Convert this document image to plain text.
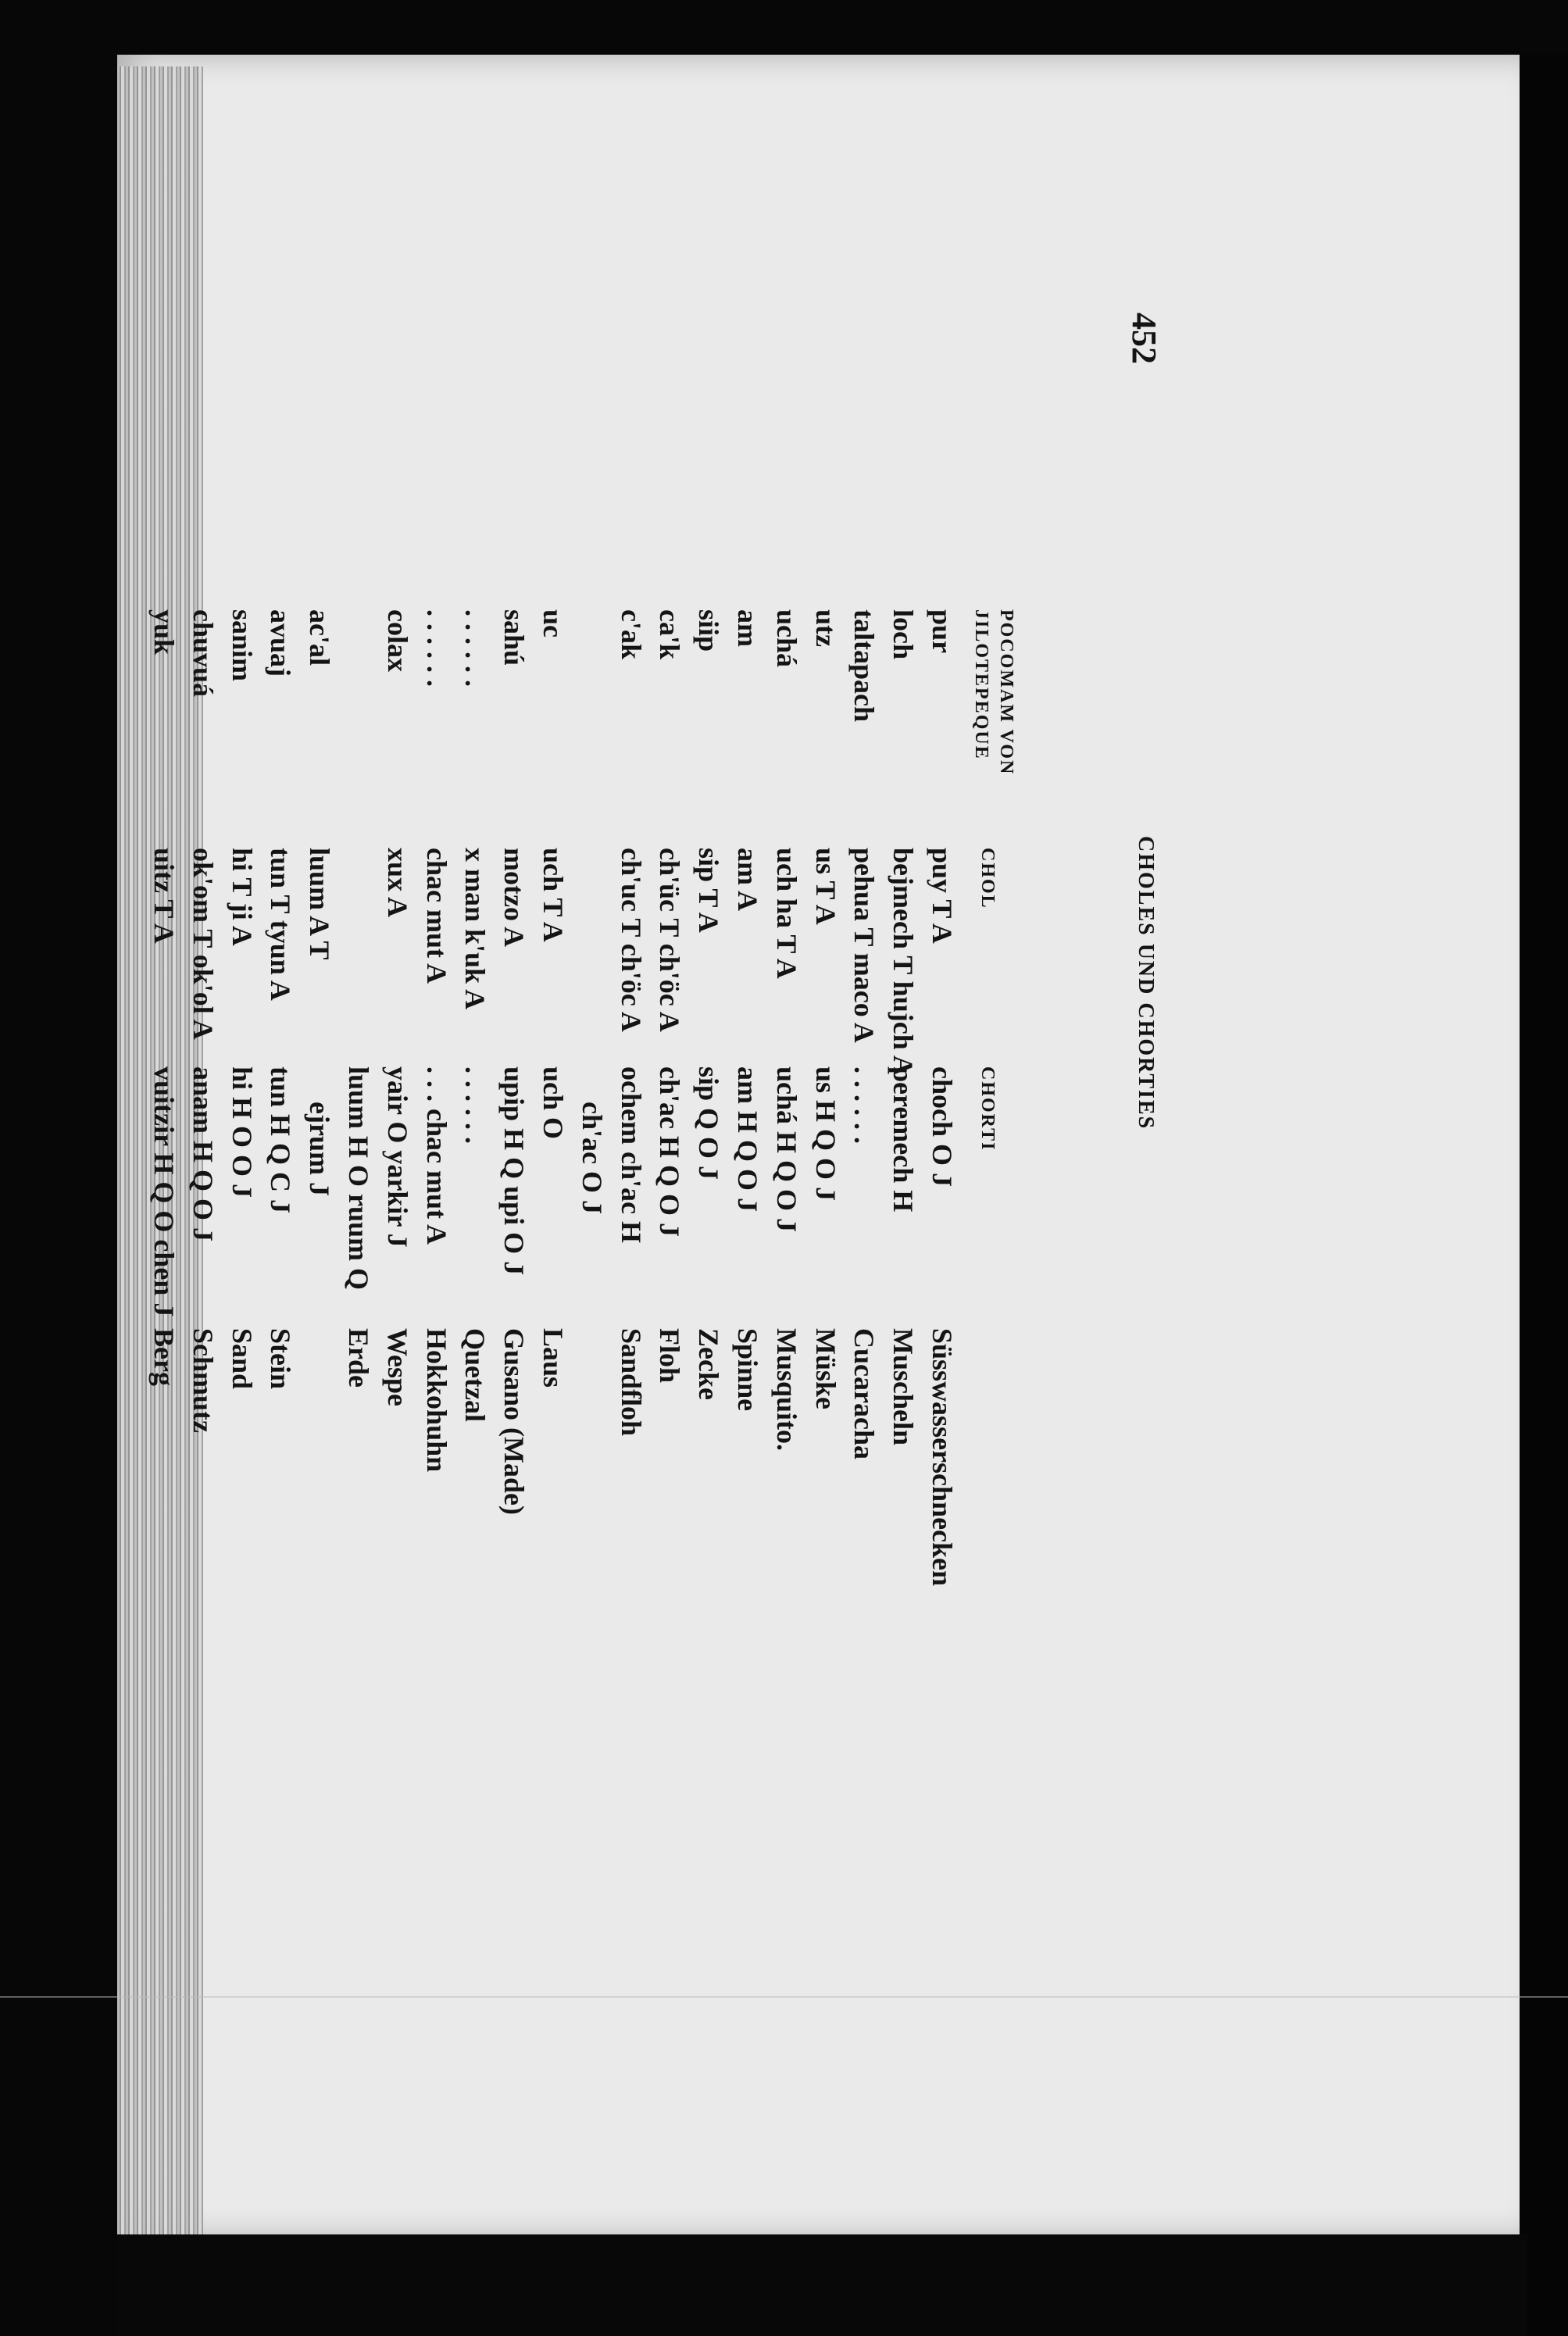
452
CHOLES UND CHORTIES
CHORTI
CHOL
POCOMAM VON
JILOTEPEQUE
Süsswasserschnecken
Muscheln
Cucaracha
Müske
Musquito.
Spinne
Zecke
Floh
Sandfloh
Laus
Gusano (Made)
Quetzal
Hokkohuhn
Wespe
Erde
Stein
Sand
Schmutz
Berg
choch O J
peremech H
. . . . . .
us H Q O J
uchá H Q O J
am H Q O J
sip Q O J
ch'ac H Q O J
ochem ch'ac H
ch'ac O J
uch O
upip H Q upi O J
. . . . . .
. . . chac mut A
yair O yarkir J
luum H O ruum Q
ejrum J
tun H Q C J
hi H O O J
anam H Q O J
vuitzir H Q O chen J
puy T A
bejmech T hujch A
pehua T maco A
us T A
uch ha T A
am A
sip T A
ch'üc T ch'öc A
ch'uc T ch'öc A
uch T A
motzo A
x man k'uk A
chac mut A
xux A
luum A T
tun T tyun A
hi T ji A
ok'om T ok'ol A
uitz T A
pur
loch
taltapach
utz
uchá
am
siip
ca'k
c'ak
uc
sahú
. . . . . .
. . . . . .
colax
ac'al
avuaj
sanim
chuvuá
yuk
